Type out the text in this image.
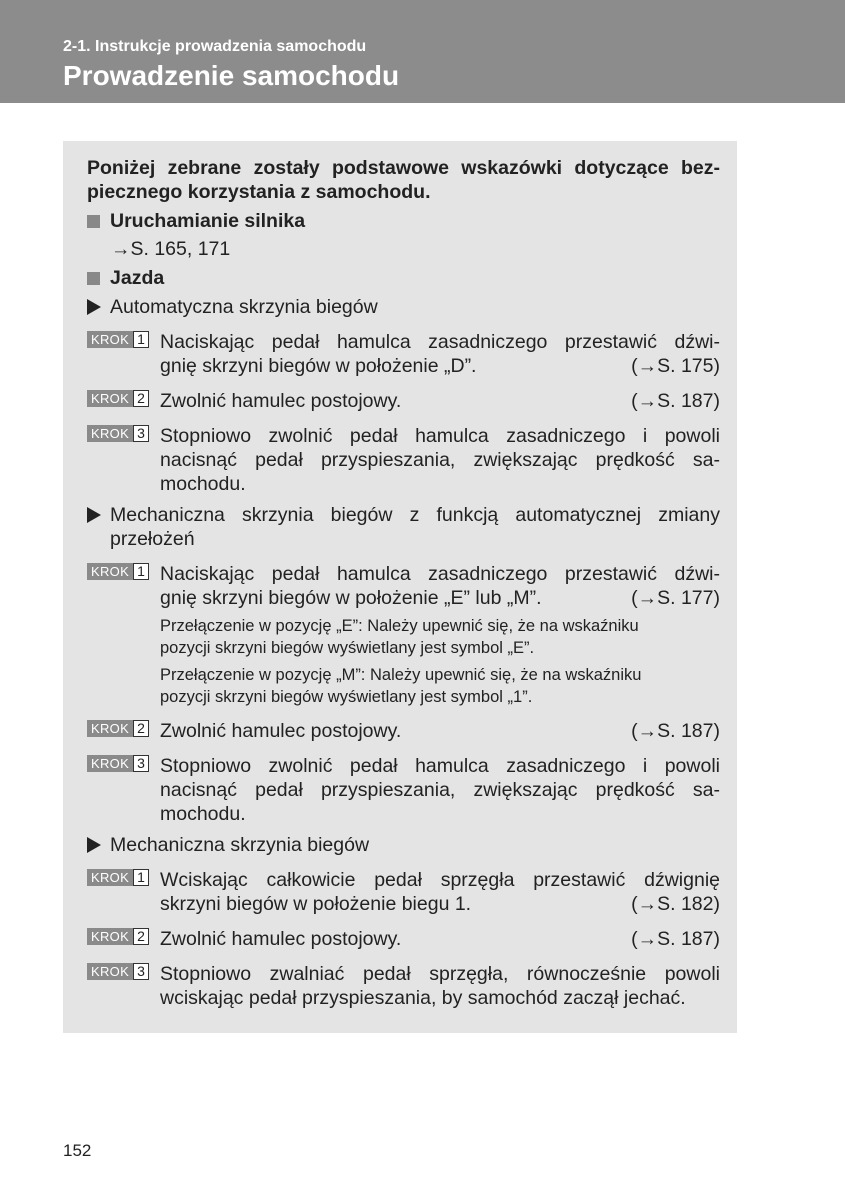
2-1. Instrukcje prowadzenia samochodu
Prowadzenie samochodu
Poniżej zebrane zostały podstawowe wskazówki dotyczące bez-
piecznego korzystania z samochodu.
Uruchamianie silnika
→S. 165, 171
Jazda
Automatyczna skrzynia biegów
KROK 1 Naciskając pedał hamulca zasadniczego przestawić dźwi-
gnię skrzyni biegów w położenie „D”.	(→S. 175)
KROK 2 Zwolnić hamulec postojowy.	(→S. 187)
KROK 3 Stopniowo zwolnić pedał hamulca zasadniczego i powoli
nacisnąć pedał przyspieszania, zwiększając prędkość sa-
mochodu.
Mechaniczna skrzynia biegów z funkcją automatycznej zmiany
przełożeń
KROK 1 Naciskając pedał hamulca zasadniczego przestawić dźwi-
gnię skrzyni biegów w położenie „E” lub „M”.	(→S. 177)
Przełączenie w pozycję „E”: Należy upewnić się, że na wskaźniku
pozycji skrzyni biegów wyświetlany jest symbol „E”.
Przełączenie w pozycję „M”: Należy upewnić się, że na wskaźniku
pozycji skrzyni biegów wyświetlany jest symbol „1”.
KROK 2 Zwolnić hamulec postojowy.	(→S. 187)
KROK 3 Stopniowo zwolnić pedał hamulca zasadniczego i powoli
nacisnąć pedał przyspieszania, zwiększając prędkość sa-
mochodu.
Mechaniczna skrzynia biegów
KROK 1 Wciskając całkowicie pedał sprzęgła przestawić dźwignię
skrzyni biegów w położenie biegu 1.	(→S. 182)
KROK 2 Zwolnić hamulec postojowy.	(→S. 187)
KROK 3 Stopniowo zwalniać pedał sprzęgła, równocześnie powoli
wciskając pedał przyspieszania, by samochód zaczął jechać.
152
